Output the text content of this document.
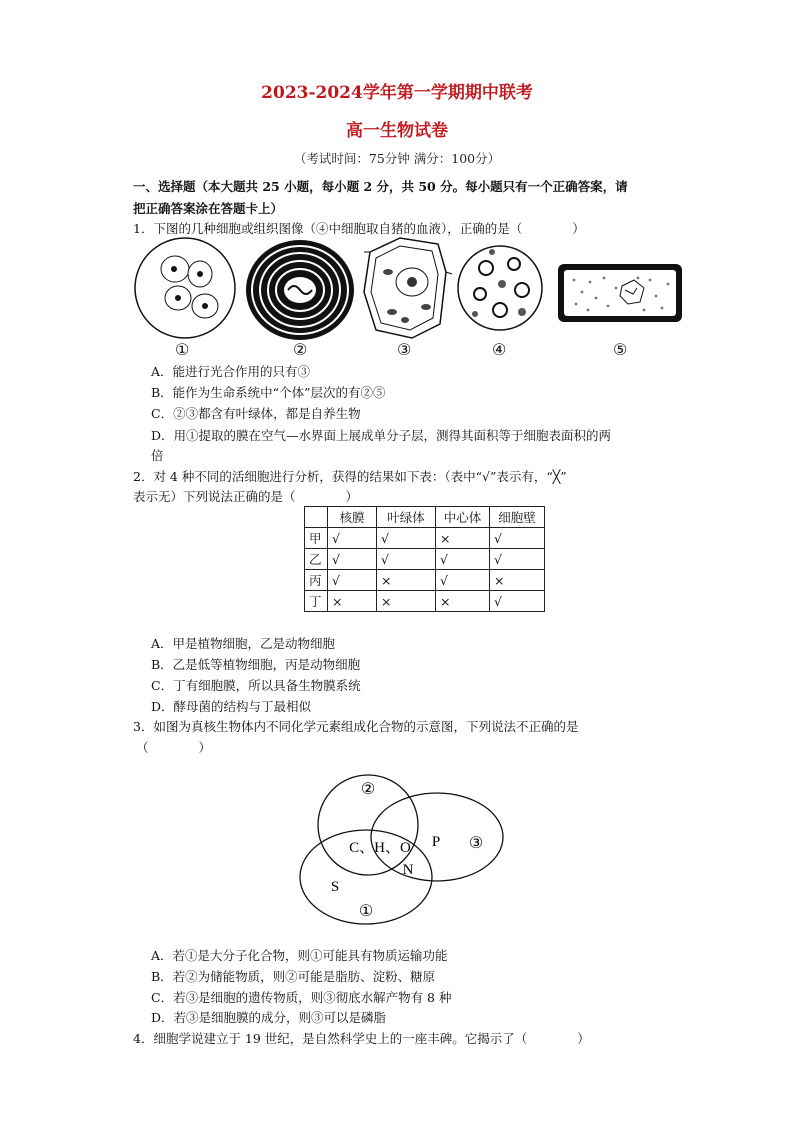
2023-2024学年第一学期期中联考
高一生物试卷
（考试时间：75分钟 满分：100分）
一、选择题（本大题共 25 小题，每小题 2 分，共 50 分。每小题只有一个正确答案，请
把正确答案涂在答题卡上）
1．下图的几种细胞或组织图像（④中细胞取自猪的血液），正确的是（　　　　）
①	②	③	④	⑤
A．能进行光合作用的只有③
B．能作为生命系统中“个体”层次的有②⑤
C．②③都含有叶绿体，都是自养生物
D．用①提取的膜在空气—水界面上展成单分子层，测得其面积等于细胞表面积的两
倍
2．对 4 种不同的活细胞进行分析，获得的结果如下表：（表中“√”表示有，“╳”
表示无）下列说法正确的是（　　　　）
	核膜	叶绿体	中心体	细胞壁
甲	√	√	×	√
乙	√	√	√	√
丙	√	×	√	×
丁	×	×	×	√
A．甲是植物细胞，乙是动物细胞
B．乙是低等植物细胞，丙是动物细胞
C．丁有细胞膜，所以具备生物膜系统
D．酵母菌的结构与丁最相似
3．如图为真核生物体内不同化学元素组成化合物的示意图，下列说法不正确的是
（　　　　）
②
③
①
C、H、O P
N
S
A．若①是大分子化合物，则①可能具有物质运输功能
B．若②为储能物质，则②可能是脂肪、淀粉、糖原
C．若③是细胞的遗传物质，则③彻底水解产物有 8 种
D．若③是细胞膜的成分，则③可以是磷脂
4．细胞学说建立于 19 世纪，是自然科学史上的一座丰碑。它揭示了（　　　　）
